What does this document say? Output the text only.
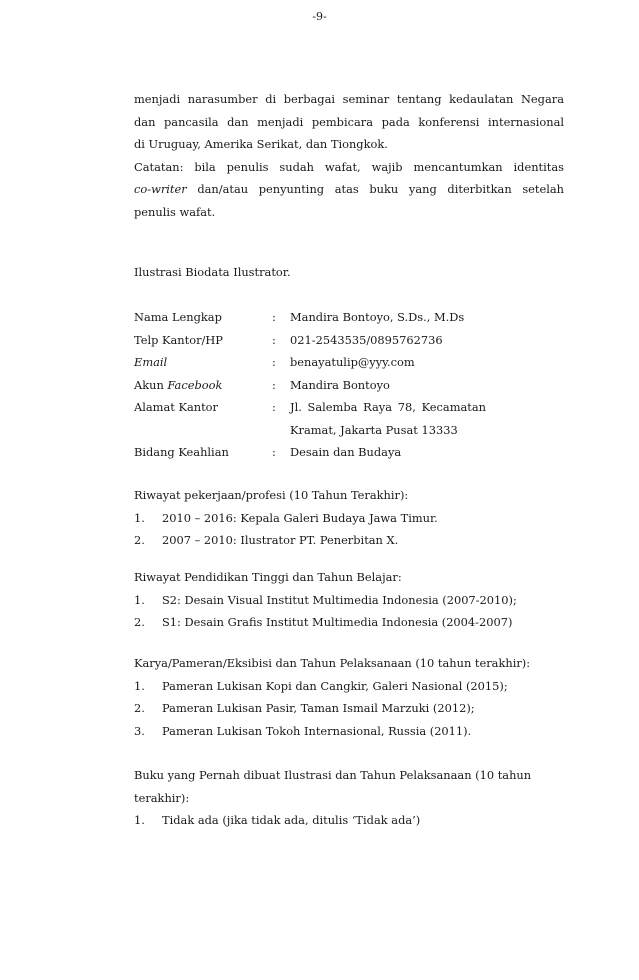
-9-

menjadi narasumber di berbagai seminar tentang kedaulatan Negara

dan pancasila dan menjadi pembicara pada konferensi internasional

di Uruguay, Amerika Serikat, dan Tiongkok.

Catatan: bila penulis sudah wafat, wajib mencantumkan identitas

co-writer dan/atau penyunting atas buku yang diterbitkan setelah

penulis wafat.

Ilustrasi Biodata Ilustrator.

Nama Lengkap	:	Mandira Bontoyo, S.Ds., M.Ds
Telp Kantor/HP	:	021-2543535/0895762736
Email	:	benayatulip@yyy.com
Akun Facebook	:	Mandira Bontoyo
Alamat Kantor	:	Jl. Salemba Raya 78, Kecamatan
Kramat, Jakarta Pusat 13333
Bidang Keahlian	:	Desain dan Budaya

Riwayat pekerjaan/profesi (10 Tahun Terakhir):

1.	2010 – 2016: Kepala Galeri Budaya Jawa Timur.
2.	2007 – 2010: Ilustrator PT. Penerbitan X.

Riwayat Pendidikan Tinggi dan Tahun Belajar:

1.	S2: Desain Visual Institut Multimedia Indonesia (2007-2010);
2.	S1: Desain Grafis Institut Multimedia Indonesia (2004-2007)

Karya/Pameran/Eksibisi dan Tahun Pelaksanaan (10 tahun terakhir):

1.	Pameran Lukisan Kopi dan Cangkir, Galeri Nasional (2015);
2.	Pameran Lukisan Pasir, Taman Ismail Marzuki (2012);
3.	Pameran Lukisan Tokoh Internasional, Russia (2011).

Buku yang Pernah dibuat Ilustrasi dan Tahun Pelaksanaan (10 tahun

terakhir):

1.	Tidak ada (jika tidak ada, ditulis ‘Tidak ada’)
